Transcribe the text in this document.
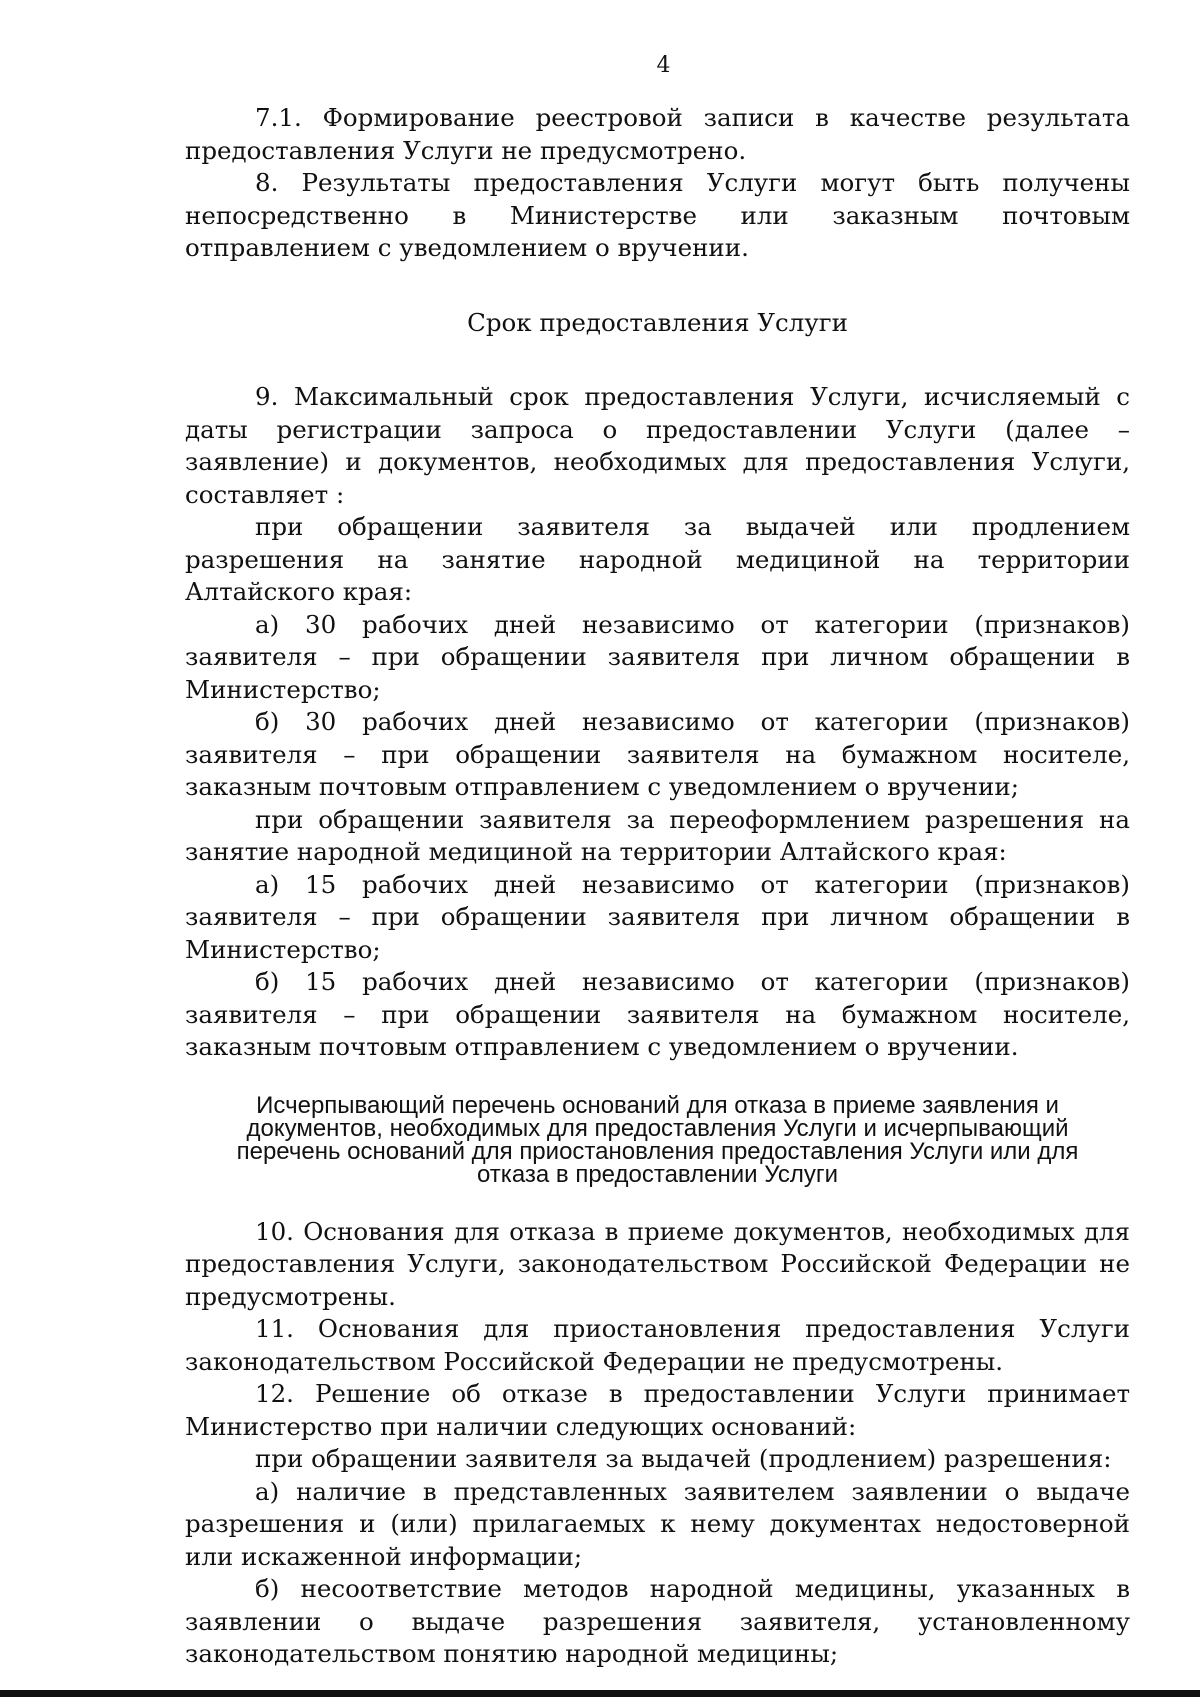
4

7.1. Формирование реестровой записи в качестве результата предоставления Услуги не предусмотрено.

8. Результаты предоставления Услуги могут быть получены непосредственно в Министерстве или заказным почтовым отправлением с уведомлением о вручении.

Срок предоставления Услуги

9. Максимальный срок предоставления Услуги, исчисляемый с даты регистрации запроса о предоставлении Услуги (далее – заявление) и документов, необходимых для предоставления Услуги, составляет :

при обращении заявителя за выдачей или продлением разрешения на занятие народной медициной на территории Алтайского края:

а) 30 рабочих дней независимо от категории (признаков) заявителя – при обращении заявителя при личном обращении в Министерство;

б) 30 рабочих дней независимо от категории (признаков) заявителя – при обращении заявителя на бумажном носителе, заказным почтовым отправлением с уведомлением о вручении;

при обращении заявителя за переоформлением разрешения на занятие народной медициной на территории Алтайского края:

а) 15 рабочих дней независимо от категории (признаков) заявителя – при обращении заявителя при личном обращении в Министерство;

б) 15 рабочих дней независимо от категории (признаков) заявителя – при обращении заявителя на бумажном носителе, заказным почтовым отправлением с уведомлением о вручении.

Исчерпывающий перечень оснований для отказа в приеме заявления и
документов, необходимых для предоставления Услуги и исчерпывающий
перечень оснований для приостановления предоставления Услуги или для
отказа в предоставлении Услуги

10. Основания для отказа в приеме документов, необходимых для предоставления Услуги, законодательством Российской Федерации не предусмотрены.

11. Основания для приостановления предоставления Услуги законодательством Российской Федерации не предусмотрены.

12. Решение об отказе в предоставлении Услуги принимает Министерство при наличии следующих оснований:

при обращении заявителя за выдачей (продлением) разрешения:

а) наличие в представленных заявителем заявлении о выдаче разрешения и (или) прилагаемых к нему документах недостоверной или искаженной информации;

б) несоответствие методов народной медицины, указанных в заявлении о выдаче разрешения заявителя, установленному законодательством понятию народной медицины;
